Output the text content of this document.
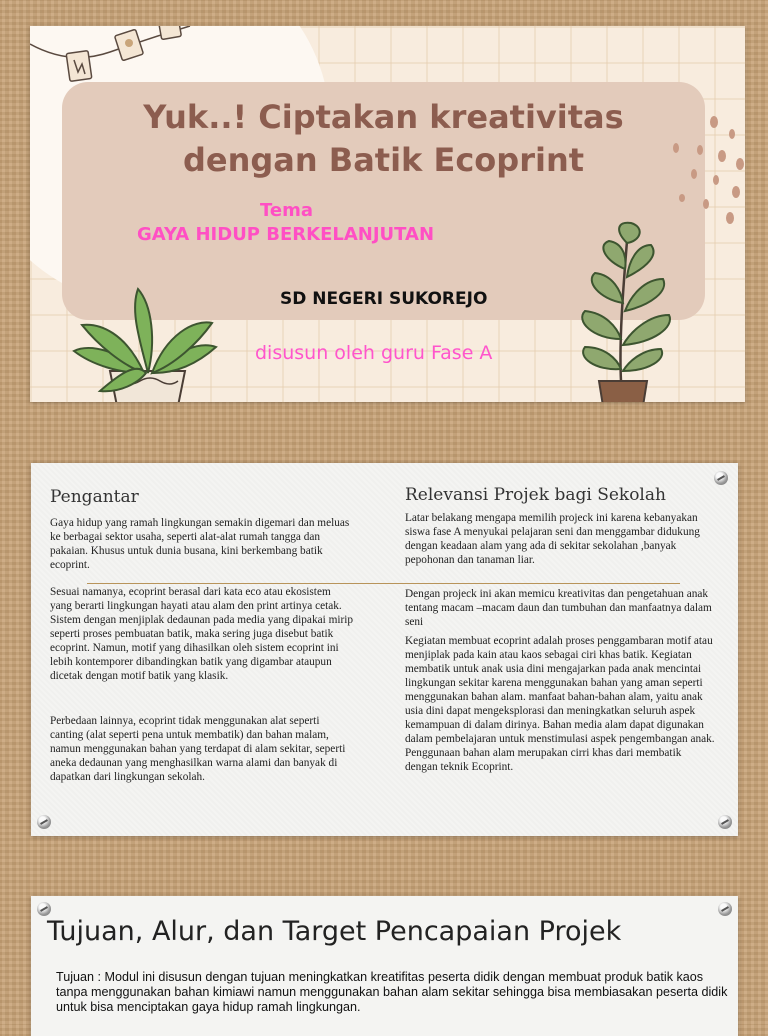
Yuk..! Ciptakan kreativitas
dengan Batik Ecoprint
Tema
GAYA HIDUP BERKELANJUTAN
SD NEGERI SUKOREJO
disusun oleh guru Fase A
Pengantar	Relevansi Projek bagi Sekolah

Gaya hidup yang ramah lingkungan semakin digemari dan meluas ke berbagai sektor usaha, seperti alat-alat rumah tangga dan pakaian. Khusus untuk dunia busana, kini berkembang batik ecoprint.

Sesuai namanya, ecoprint berasal dari kata eco atau ekosistem yang berarti lingkungan hayati atau alam den print artinya cetak. Sistem dengan menjiplak dedaunan pada media yang dipakai mirip seperti proses pembuatan batik, maka sering juga disebut batik ecoprint. Namun, motif yang dihasilkan oleh sistem ecoprint ini lebih kontemporer dibandingkan batik yang digambar ataupun dicetak dengan motif batik yang klasik.

Perbedaan lainnya, ecoprint tidak menggunakan alat seperti canting (alat seperti pena untuk membatik) dan bahan malam, namun menggunakan bahan yang terdapat di alam sekitar, seperti aneka dedaunan yang menghasilkan warna alami dan banyak di dapatkan dari lingkungan sekolah.

Latar belakang mengapa memilih projeck ini karena kebanyakan siswa fase A menyukai pelajaran seni dan menggambar didukung dengan keadaan alam yang ada di sekitar sekolahan ,banyak pepohonan dan tanaman liar.

Dengan projeck ini akan memicu kreativitas dan pengetahuan anak tentang macam –macam daun dan tumbuhan dan manfaatnya dalam seni

Kegiatan membuat ecoprint adalah proses penggambaran motif atau menjiplak pada kain atau kaos sebagai ciri khas batik. Kegiatan membatik untuk anak usia dini mengajarkan pada anak mencintai lingkungan sekitar karena menggunakan bahan yang aman seperti menggunakan bahan alam. manfaat bahan-bahan alam, yaitu anak usia dini dapat mengeksplorasi dan meningkatkan seluruh aspek kemampuan di dalam dirinya. Bahan media alam dapat digunakan dalam pembelajaran untuk menstimulasi aspek pengembangan anak. Penggunaan bahan alam merupakan cirri khas dari membatik dengan teknik Ecoprint.

Tujuan, Alur, dan Target Pencapaian Projek

Tujuan : Modul ini disusun dengan tujuan meningkatkan kreatifitas peserta didik dengan membuat produk batik kaos tanpa menggunakan bahan kimiawi namun menggunakan bahan alam sekitar sehingga bisa membiasakan peserta didik untuk bisa menciptakan gaya hidup ramah lingkungan.
